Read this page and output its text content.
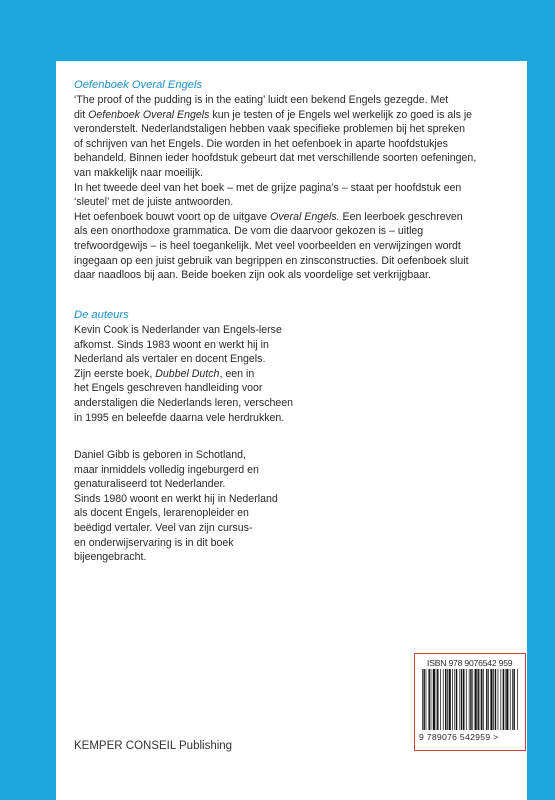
Oefenboek Overal Engels

‘The proof of the pudding is in the eating’ luidt een bekend Engels gezegde. Met
dit Oefenboek Overal Engels kun je testen of je Engels wel werkelijk zo goed is als je
veronderstelt. Nederlandstaligen hebben vaak specifieke problemen bij het spreken
of schrijven van het Engels. Die worden in het oefenboek in aparte hoofdstukjes
behandeld. Binnen ieder hoofdstuk gebeurt dat met verschillende soorten oefeningen,
van makkelijk naar moeilijk.
In het tweede deel van het boek – met de grijze pagina’s – staat per hoofdstuk een
‘sleutel’ met de juiste antwoorden.
Het oefenboek bouwt voort op de uitgave Overal Engels. Een leerboek geschreven
als een onorthodoxe grammatica. De vom die daarvoor gekozen is – uitleg
trefwoordgewijs – is heel toegankelijk. Met veel voorbeelden en verwijzingen wordt
ingegaan op een juist gebruik van begrippen en zinsconstructies. Dit oefenboek sluit
daar naadloos bij aan. Beide boeken zijn ook als voordelige set verkrijgbaar.

De auteurs

Kevin Cook is Nederlander van Engels-lerse
afkomst. Sinds 1983 woont en werkt hij in
Nederland als vertaler en docent Engels.
Zijn eerste boek, Dubbel Dutch, een in
het Engels geschreven handleiding voor
anderstaligen die Nederlands leren, verscheen
in 1995 en beleefde daarna vele herdrukken.

Daniel Gibb is geboren in Schotland,
maar inmiddels volledig ingeburgerd en
genaturaliseerd tot Nederlander.
Sinds 1980 woont en werkt hij in Nederland
als docent Engels, lerarenopleider en
beëdigd vertaler. Veel van zijn cursus-
en onderwijservaring is in dit boek
bijeengebracht.

ISBN 978 9076542 959
9 789076 542959 >
KEMPER CONSEIL Publishing
